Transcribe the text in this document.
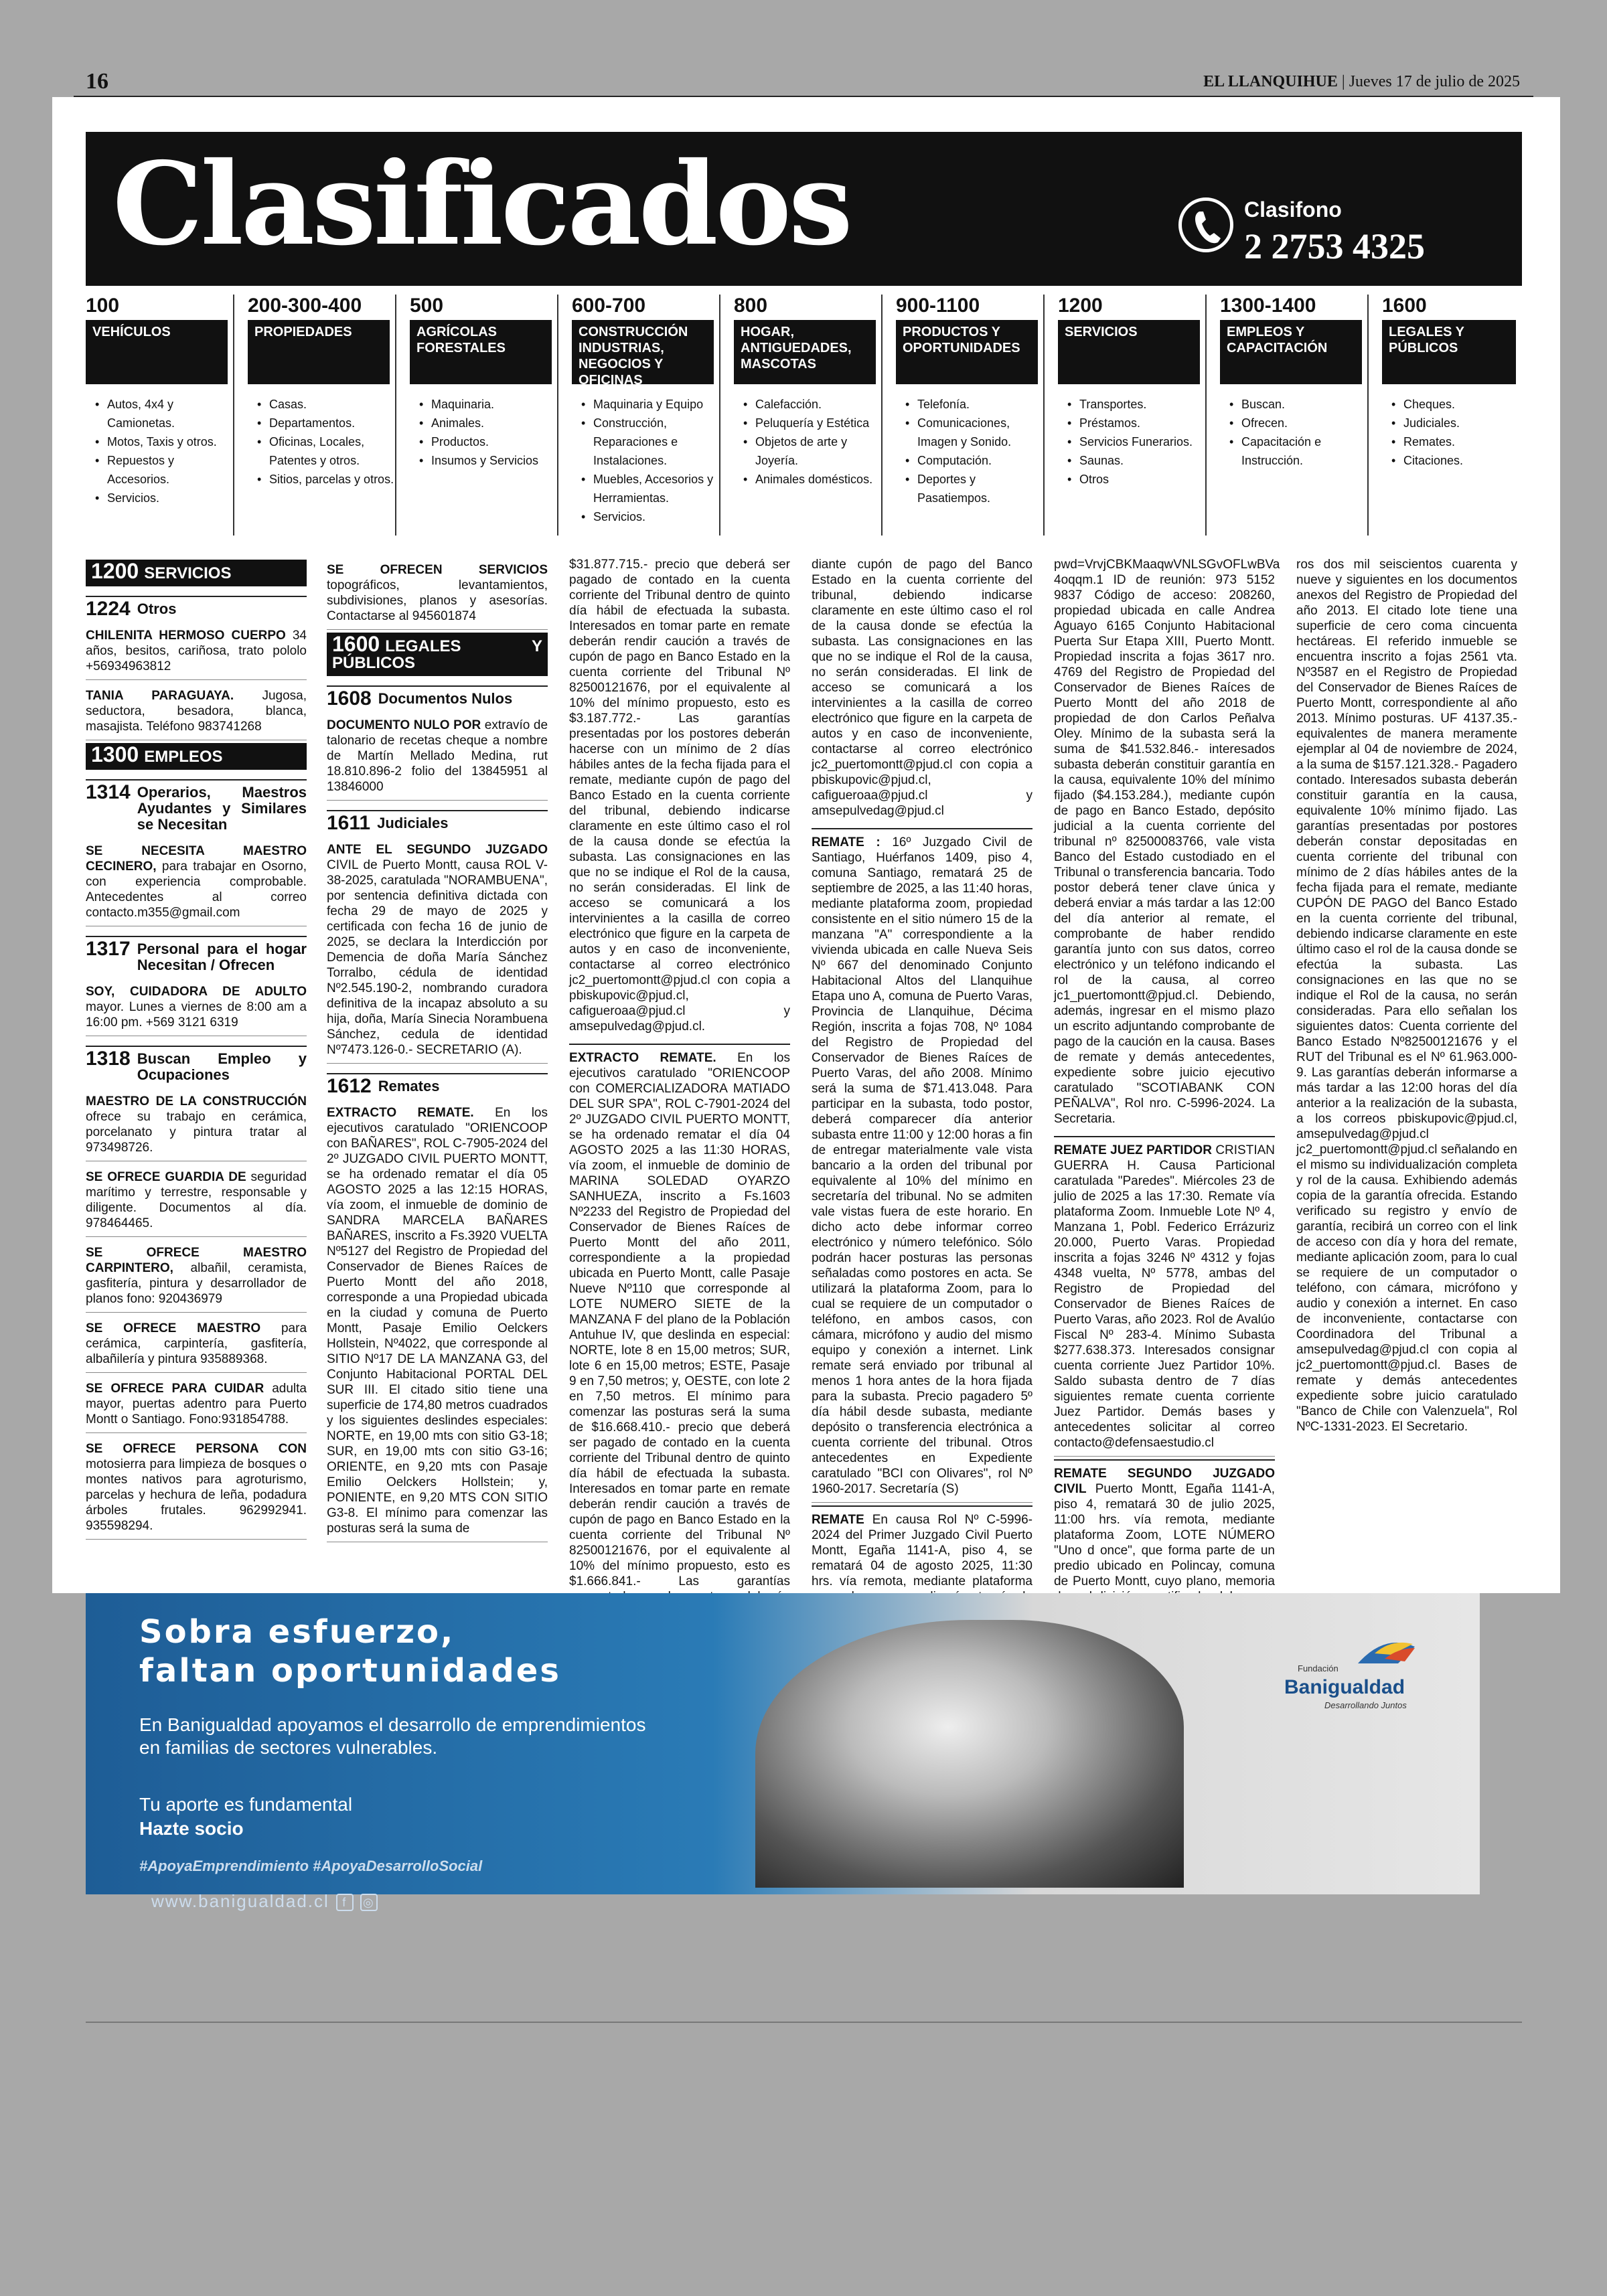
16	EL LLANQUIHUE | Jueves 17 de julio de 2025
Clasificados	Clasifono
2 2753 4325
100
VEHÍCULOS
• Autos, 4x4 y Camionetas.
• Motos, Taxis y otros.
• Repuestos y Accesorios.
• Servicios.
200-300-400
PROPIEDADES
• Casas.
• Departamentos.
• Oficinas, Locales, Patentes y otros.
• Sitios, parcelas y otros.
500
AGRÍCOLAS FORESTALES
• Maquinaria.
• Animales.
• Productos.
• Insumos y Servicios
600-700
CONSTRUCCIÓN INDUSTRIAS, NEGOCIOS Y OFICINAS
• Maquinaria y Equipo
• Construcción, Reparaciones e Instalaciones.
• Muebles, Accesorios y Herramientas.
• Servicios.
800
HOGAR, ANTIGUEDADES, MASCOTAS
• Calefacción.
• Peluquería y Estética
• Objetos de arte y Joyería.
• Animales domésticos.
900-1100
PRODUCTOS Y OPORTUNIDADES
• Telefonía.
• Comunicaciones, Imagen y Sonido.
• Computación.
• Deportes y Pasatiempos.
1200
SERVICIOS
• Transportes.
• Préstamos.
• Servicios Funerarios.
• Saunas.
• Otros
1300-1400
EMPLEOS Y CAPACITACIÓN
• Buscan.
• Ofrecen.
• Capacitación e Instrucción.
1600
LEGALES Y PÚBLICOS
• Cheques.
• Judiciales.
• Remates.
• Citaciones.
1200 SERVICIOS
1224 Otros
CHILENITA HERMOSO CUERPO 34 años, besitos, cariñosa, trato pololo +56934963812
TANIA PARAGUAYA. Jugosa, seductora, besadora, blanca, masajista. Teléfono 983741268
1300 EMPLEOS
1314 Operarios, Maestros Ayudantes y Similares se Necesitan
SE NECESITA MAESTRO CECINERO, para trabajar en Osorno, con experiencia comprobable. Antecedentes al correo contacto.m355@gmail.com
1317 Personal para el hogar Necesitan / Ofrecen
SOY, CUIDADORA DE ADULTO mayor. Lunes a viernes de 8:00 am a 16:00 pm. +569 3121 6319
1318 Buscan Empleo y Ocupaciones
MAESTRO DE LA CONSTRUCCIÓN ofrece su trabajo en cerámica, porcelanato y pintura tratar al 973498726.
SE OFRECE GUARDIA DE seguridad marítimo y terrestre, responsable y diligente. Documentos al día. 978464465.
SE OFRECE MAESTRO CARPINTERO, albañil, ceramista, gasfitería, pintura y desarrollador de planos fono: 920436979
SE OFRECE MAESTRO para cerámica, carpintería, gasfitería, albañilería y pintura 935889368.
SE OFRECE PARA CUIDAR adulta mayor, puertas adentro para Puerto Montt o Santiago. Fono:931854788.
SE OFRECE PERSONA CON motosierra para limpieza de bosques o montes nativos para agroturismo, parcelas y hechura de leña, podadura árboles frutales. 962992941. 935598294.
SE OFRECEN SERVICIOS topográficos, levantamientos, subdivisiones, planos y asesorías. Contactarse al 945601874
1600 LEGALES Y PÚBLICOS
1608 Documentos Nulos
DOCUMENTO NULO POR extravío de talonario de recetas cheque a nombre de Martín Mellado Medina, rut 18.810.896-2 folio del 13845951 al 13846000
1611 Judiciales
ANTE EL SEGUNDO JUZGADO CIVIL de Puerto Montt, causa ROL V-38-2025, caratulada "NORAMBUENA", por sentencia definitiva dictada con fecha 29 de mayo de 2025 y certificada con fecha 16 de junio de 2025, se declara la Interdicción por Demencia de doña María Sánchez Torralbo, cédula de identidad Nº2.545.190-2, nombrando curadora definitiva de la incapaz absoluto a su hija, doña, María Sinecia Norambuena Sánchez, cedula de identidad Nº7473.126-0.- SECRETARIO (A).
1612 Remates
EXTRACTO REMATE. En los ejecutivos caratulado "ORIENCOOP con BAÑARES", ROL C-7905-2024 del 2º JUZGADO CIVIL PUERTO MONTT, se ha ordenado rematar el día 05 AGOSTO 2025 a las 12:15 HORAS, vía zoom, el inmueble de dominio de SANDRA MARCELA BAÑARES BAÑARES, inscrito a Fs.3920 VUELTA Nº5127 del Registro de Propiedad del Conservador de Bienes Raíces de Puerto Montt del año 2018, corresponde a una Propiedad ubicada en la ciudad y comuna de Puerto Montt, Pasaje Emilio Oelckers Hollstein, Nº4022, que corresponde al SITIO Nº17 DE LA MANZANA G3, del Conjunto Habitacional PORTAL DEL SUR III. El citado sitio tiene una superficie de 174,80 metros cuadrados y los siguientes deslindes especiales: NORTE, en 19,00 mts con sitio G3-18; SUR, en 19,00 mts con sitio G3-16; ORIENTE, en 9,20 mts con Pasaje Emilio Oelckers Hollstein; y, PONIENTE, en 9,20 MTS CON SITIO G3-8. El mínimo para comenzar las posturas será la suma de
$31.877.715.- precio que deberá ser pagado de contado en la cuenta corriente del Tribunal dentro de quinto día hábil de efectuada la subasta. Interesados en tomar parte en remate deberán rendir caución a través de cupón de pago en Banco Estado en la cuenta corriente del Tribunal Nº 82500121676, por el equivalente al 10% del mínimo propuesto, esto es $3.187.772.- Las garantías presentadas por los postores deberán hacerse con un mínimo de 2 días hábiles antes de la fecha fijada para el remate, mediante cupón de pago del Banco Estado en la cuenta corriente del tribunal, debiendo indicarse claramente en este último caso el rol de la causa donde se efectúa la subasta. Las consignaciones en las que no se indique el Rol de la causa, no serán consideradas. El link de acceso se comunicará a los intervinientes a la casilla de correo electrónico que figure en la carpeta de autos y en caso de inconveniente, contactarse al correo electrónico jc2_puertomontt@pjud.cl con copia a pbiskupovic@pjud.cl, cafigueroaa@pjud.cl y amsepulvedag@pjud.cl.
EXTRACTO REMATE. En los ejecutivos caratulado "ORIENCOOP con COMERCIALIZADORA MATIADO DEL SUR SPA", ROL C-7901-2024 del 2º JUZGADO CIVIL PUERTO MONTT, se ha ordenado rematar el día 04 AGOSTO 2025 a las 11:30 HORAS, vía zoom, el inmueble de dominio de MARINA SOLEDAD OYARZO SANHUEZA, inscrito a Fs.1603 Nº2233 del Registro de Propiedad del Conservador de Bienes Raíces de Puerto Montt del año 2011, correspondiente a la propiedad ubicada en Puerto Montt, calle Pasaje Nueve Nº110 que corresponde al LOTE NUMERO SIETE de la MANZANA F del plano de la Población Antuhue IV, que deslinda en especial: NORTE, lote 8 en 15,00 metros; SUR, lote 6 en 15,00 metros; ESTE, Pasaje 9 en 7,50 metros; y, OESTE, con lote 2 en 7,50 metros. El mínimo para comenzar las posturas será la suma de $16.668.410.- precio que deberá ser pagado de contado en la cuenta corriente del Tribunal dentro de quinto día hábil de efectuada la subasta. Interesados en tomar parte en remate deberán rendir caución a través de cupón de pago en Banco Estado en la cuenta corriente del Tribunal Nº 82500121676, por el equivalente al 10% del mínimo propuesto, esto es $1.666.841.- Las garantías
diante cupón de pago del Banco Estado en la cuenta corriente del tribunal, debiendo indicarse claramente en este último caso el rol de la causa donde se efectúa la subasta. Las consignaciones en las que no se indique el Rol de la causa, no serán consideradas. El link de acceso se comunicará a los intervinientes a la casilla de correo electrónico que figure en la carpeta de autos y en caso de inconveniente, contactarse al correo electrónico jc2_puertomontt@pjud.cl con copia a pbiskupovic@pjud.cl, cafigueroaa@pjud.cl y amsepulvedag@pjud.cl
REMATE : 16º Juzgado Civil de Santiago, Huérfanos 1409, piso 4, comuna Santiago, rematará 25 de septiembre de 2025, a las 11:40 horas, mediante plataforma zoom, propiedad consistente en el sitio número 15 de la manzana "A" correspondiente a la vivienda ubicada en calle Nueva Seis Nº 667 del denominado Conjunto Habitacional Altos del Llanquihue Etapa uno A, comuna de Puerto Varas, Provincia de Llanquihue, Décima Región, inscrita a fojas 708, Nº 1084 del Registro de Propiedad del Conservador de Bienes Raíces de Puerto Varas, del año 2008. Mínimo será la suma de $71.413.048. Para participar en la subasta, todo postor, deberá comparecer día anterior subasta entre 11:00 y 12:00 horas a fin de entregar materialmente vale vista bancario a la orden del tribunal por equivalente al 10% del mínimo en secretaría del tribunal. No se admiten vale vistas fuera de este horario. En dicho acto debe informar correo electrónico y número telefónico. Sólo podrán hacer posturas las personas señaladas como postores en acta. Se utilizará la plataforma Zoom, para lo cual se requiere de un computador o teléfono, en ambos casos, con cámara, micrófono y audio del mismo equipo y conexión a internet. Link remate será enviado por tribunal al menos 1 hora antes de la hora fijada para la subasta. Precio pagadero 5º día hábil desde subasta, mediante depósito o transferencia electrónica a cuenta corriente del tribunal. Otros antecedentes en Expediente caratulado "BCI con Olivares", rol Nº 1960-2017. Secretaría (S)
REMATE En causa Rol Nº C-5996-2024 del Primer Juzgado Civil Puerto Montt, Egaña 1141-A, piso 4, se rematará 04 de agosto 2025, 11:30 hrs. vía remota, mediante plataforma
pwd=VrvjCBKMaaqwVNLSGvOFLwBVa 4oqqm.1 ID de reunión: 973 5152 9837 Código de acceso: 208260, propiedad ubicada en calle Andrea Aguayo 6165 Conjunto Habitacional Puerta Sur Etapa XIII, Puerto Montt. Propiedad inscrita a fojas 3617 nro. 4769 del Registro de Propiedad del Conservador de Bienes Raíces de Puerto Montt del año 2018 de propiedad de don Carlos Peñalva Oley. Mínimo de la subasta será la suma de $41.532.846.- interesados subasta deberán constituir garantía en la causa, equivalente 10% del mínimo fijado ($4.153.284.), mediante cupón de pago en Banco Estado, depósito judicial a la cuenta corriente del tribunal nº 82500083766, vale vista Banco del Estado custodiado en el Tribunal o transferencia bancaria. Todo postor deberá tener clave única y deberá enviar a más tardar a las 12:00 del día anterior al remate, el comprobante de haber rendido garantía junto con sus datos, correo electrónico y un teléfono indicando el rol de la causa, al correo jc1_puertomontt@pjud.cl. Debiendo, además, ingresar en el mismo plazo un escrito adjuntando comprobante de pago de la caución en la causa. Bases de remate y demás antecedentes, expediente sobre juicio ejecutivo caratulado "SCOTIABANK CON PEÑALVA", Rol nro. C-5996-2024. La Secretaria.
REMATE JUEZ PARTIDOR CRISTIAN GUERRA H. Causa Particional caratulada "Paredes". Miércoles 23 de julio de 2025 a las 17:30. Remate vía plataforma Zoom. Inmueble Lote Nº 4, Manzana 1, Pobl. Federico Errázuriz 20.000, Puerto Varas. Propiedad inscrita a fojas 3246 Nº 4312 y fojas 4348 vuelta, Nº 5778, ambas del Registro de Propiedad del Conservador de Bienes Raíces de Puerto Varas, año 2023. Rol de Avalúo Fiscal Nº 283-4. Mínimo Subasta $277.638.373. Interesados consignar cuenta corriente Juez Partidor 10%. Saldo subasta dentro de 7 días siguientes remate cuenta corriente Juez Partidor. Demás bases y antecedentes solicitar al correo contacto@defensaestudio.cl
REMATE SEGUNDO JUZGADO CIVIL Puerto Montt, Egaña 1141-A, piso 4, rematará 30 de julio 2025, 11:00 hrs. vía remota, mediante plataforma Zoom, LOTE NÚMERO "Uno d once", que forma parte de un predio ubicado en Polincay, comuna de Puerto Montt, cuyo plano, memoria
ros dos mil seiscientos cuarenta y nueve y siguientes en los documentos anexos del Registro de Propiedad del año 2013. El citado lote tiene una superficie de cero coma cincuenta hectáreas. El referido inmueble se encuentra inscrito a fojas 2561 vta. Nº3587 en el Registro de Propiedad del Conservador de Bienes Raíces de Puerto Montt, correspondiente al año 2013. Mínimo posturas. UF 4137.35.- equivalentes de manera meramente ejemplar al 04 de noviembre de 2024, a la suma de $157.121.328.- Pagadero contado. Interesados subasta deberán constituir garantía en la causa, equivalente 10% mínimo fijado. Las garantías presentadas por postores deberán constar depositadas en cuenta corriente del tribunal con mínimo de 2 días hábiles antes de la fecha fijada para el remate, mediante CUPÓN DE PAGO del Banco Estado en la cuenta corriente del tribunal, debiendo indicarse claramente en este último caso el rol de la causa donde se efectúa la subasta. Las consignaciones en las que no se indique el Rol de la causa, no serán consideradas. Para ello señalan los siguientes datos: Cuenta corriente del Banco Estado Nº82500121676 y el RUT del Tribunal es el Nº 61.963.000-9. Las garantías deberán informarse a más tardar a las 12:00 horas del día anterior a la realización de la subasta, a los correos pbiskupovic@pjud.cl, amsepulvedag@pjud.cl jc2_puertomontt@pjud.cl señalando en el mismo su individualización completa y rol de la causa. Exhibiendo además copia de la garantía ofrecida. Estando verificado su registro y envío de garantía, recibirá un correo con el link de acceso con día y hora del remate, mediante aplicación zoom, para lo cual se requiere de un computador o teléfono, con cámara, micrófono y audio y conexión a internet. En caso de inconveniente, contactarse con Coordinadora del Tribunal a amsepulvedag@pjud.cl con copia al jc2_puertomontt@pjud.cl. Bases de remate y demás antecedentes expediente sobre juicio caratulado "Banco de Chile con Valenzuela", Rol NºC-1331-2023. El Secretario.
Sobra esfuerzo,
faltan oportunidades
En Banigualdad apoyamos el desarrollo de emprendimientos en familias de sectores vulnerables.
Tu aporte es fundamental
Hazte socio
#ApoyaEmprendimiento #ApoyaDesarrolloSocial
www.banigualdad.cl f ◎
Fundación
Banigualdad
Desarrollando Juntos
